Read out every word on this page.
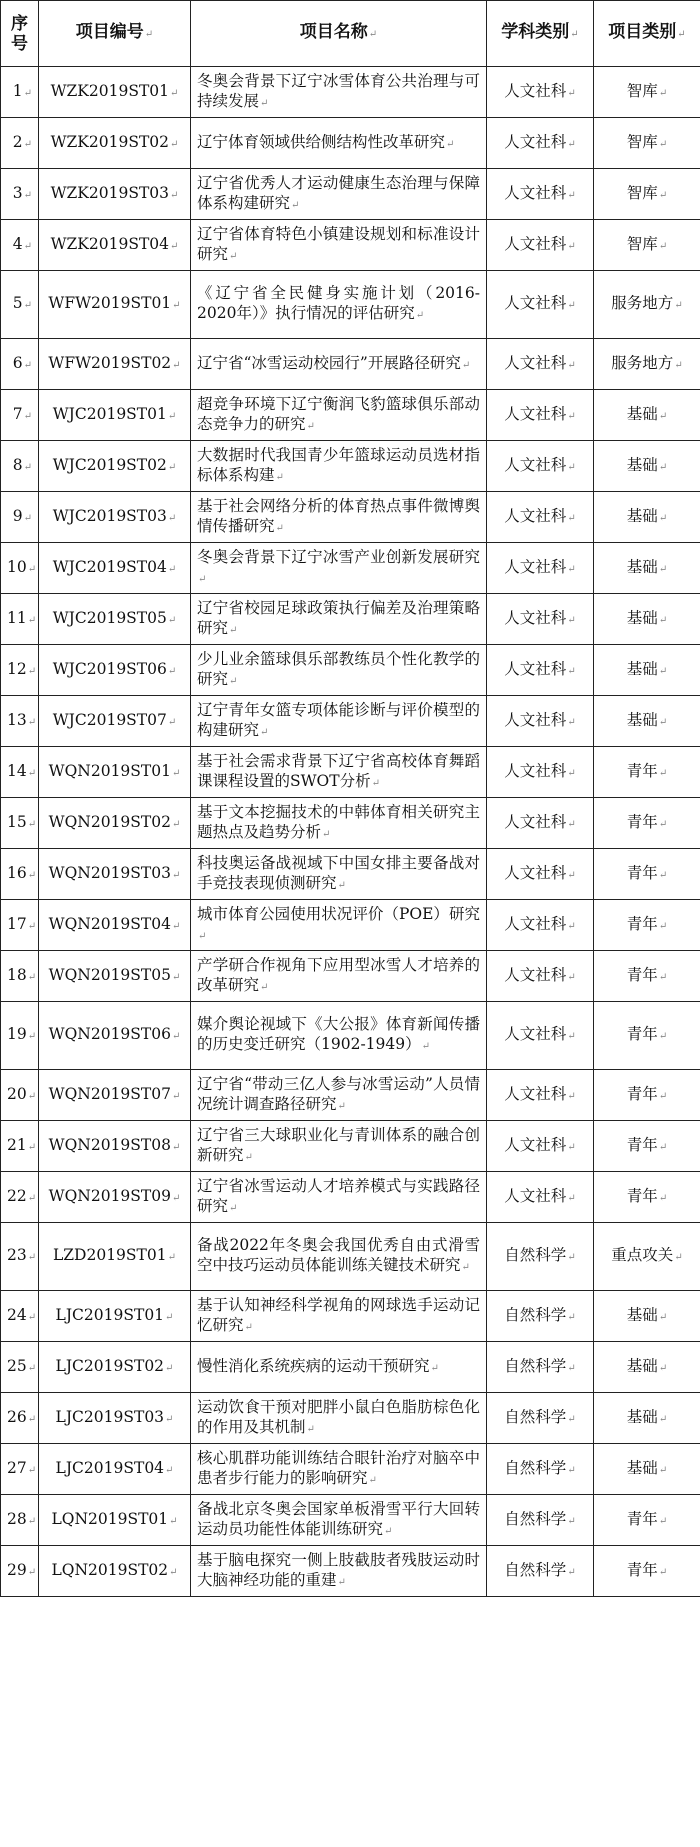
序号	项目编号↵	项目名称↵	学科类别↵	项目类别↵
1↵	WZK2019ST01↵	冬奥会背景下辽宁冰雪体育公共治理与可持续发展↵	人文社科↵	智库↵
2↵	WZK2019ST02↵	辽宁体育领域供给侧结构性改革研究↵	人文社科↵	智库↵
3↵	WZK2019ST03↵	辽宁省优秀人才运动健康生态治理与保障体系构建研究↵	人文社科↵	智库↵
4↵	WZK2019ST04↵	辽宁省体育特色小镇建设规划和标准设计研究↵	人文社科↵	智库↵
5↵	WFW2019ST01↵	《辽宁省全民健身实施计划（2016-2020年）》执行情况的评估研究↵	人文社科↵	服务地方↵
6↵	WFW2019ST02↵	辽宁省“冰雪运动校园行”开展路径研究↵	人文社科↵	服务地方↵
7↵	WJC2019ST01↵	超竞争环境下辽宁衡润飞豹篮球俱乐部动态竞争力的研究↵	人文社科↵	基础↵
8↵	WJC2019ST02↵	大数据时代我国青少年篮球运动员选材指标体系构建↵	人文社科↵	基础↵
9↵	WJC2019ST03↵	基于社会网络分析的体育热点事件微博舆情传播研究↵	人文社科↵	基础↵
10↵	WJC2019ST04↵	冬奥会背景下辽宁冰雪产业创新发展研究↵	人文社科↵	基础↵
11↵	WJC2019ST05↵	辽宁省校园足球政策执行偏差及治理策略研究↵	人文社科↵	基础↵
12↵	WJC2019ST06↵	少儿业余篮球俱乐部教练员个性化教学的研究↵	人文社科↵	基础↵
13↵	WJC2019ST07↵	辽宁青年女篮专项体能诊断与评价模型的构建研究↵	人文社科↵	基础↵
14↵	WQN2019ST01↵	基于社会需求背景下辽宁省高校体育舞蹈课课程设置的SWOT分析↵	人文社科↵	青年↵
15↵	WQN2019ST02↵	基于文本挖掘技术的中韩体育相关研究主题热点及趋势分析↵	人文社科↵	青年↵
16↵	WQN2019ST03↵	科技奥运备战视域下中国女排主要备战对手竞技表现侦测研究↵	人文社科↵	青年↵
17↵	WQN2019ST04↵	城市体育公园使用状况评价（POE）研究↵	人文社科↵	青年↵
18↵	WQN2019ST05↵	产学研合作视角下应用型冰雪人才培养的改革研究↵	人文社科↵	青年↵
19↵	WQN2019ST06↵	媒介舆论视域下《大公报》体育新闻传播的历史变迁研究（1902-1949）↵	人文社科↵	青年↵
20↵	WQN2019ST07↵	辽宁省“带动三亿人参与冰雪运动”人员情况统计调查路径研究↵	人文社科↵	青年↵
21↵	WQN2019ST08↵	辽宁省三大球职业化与青训体系的融合创新研究↵	人文社科↵	青年↵
22↵	WQN2019ST09↵	辽宁省冰雪运动人才培养模式与实践路径研究↵	人文社科↵	青年↵
23↵	LZD2019ST01↵	备战2022年冬奥会我国优秀自由式滑雪空中技巧运动员体能训练关键技术研究↵	自然科学↵	重点攻关↵
24↵	LJC2019ST01↵	基于认知神经科学视角的网球选手运动记忆研究↵	自然科学↵	基础↵
25↵	LJC2019ST02↵	慢性消化系统疾病的运动干预研究↵	自然科学↵	基础↵
26↵	LJC2019ST03↵	运动饮食干预对肥胖小鼠白色脂肪棕色化的作用及其机制↵	自然科学↵	基础↵
27↵	LJC2019ST04↵	核心肌群功能训练结合眼针治疗对脑卒中患者步行能力的影响研究↵	自然科学↵	基础↵
28↵	LQN2019ST01↵	备战北京冬奥会国家单板滑雪平行大回转运动员功能性体能训练研究↵	自然科学↵	青年↵
29↵	LQN2019ST02↵	基于脑电探究一侧上肢截肢者残肢运动时大脑神经功能的重建↵	自然科学↵	青年↵
